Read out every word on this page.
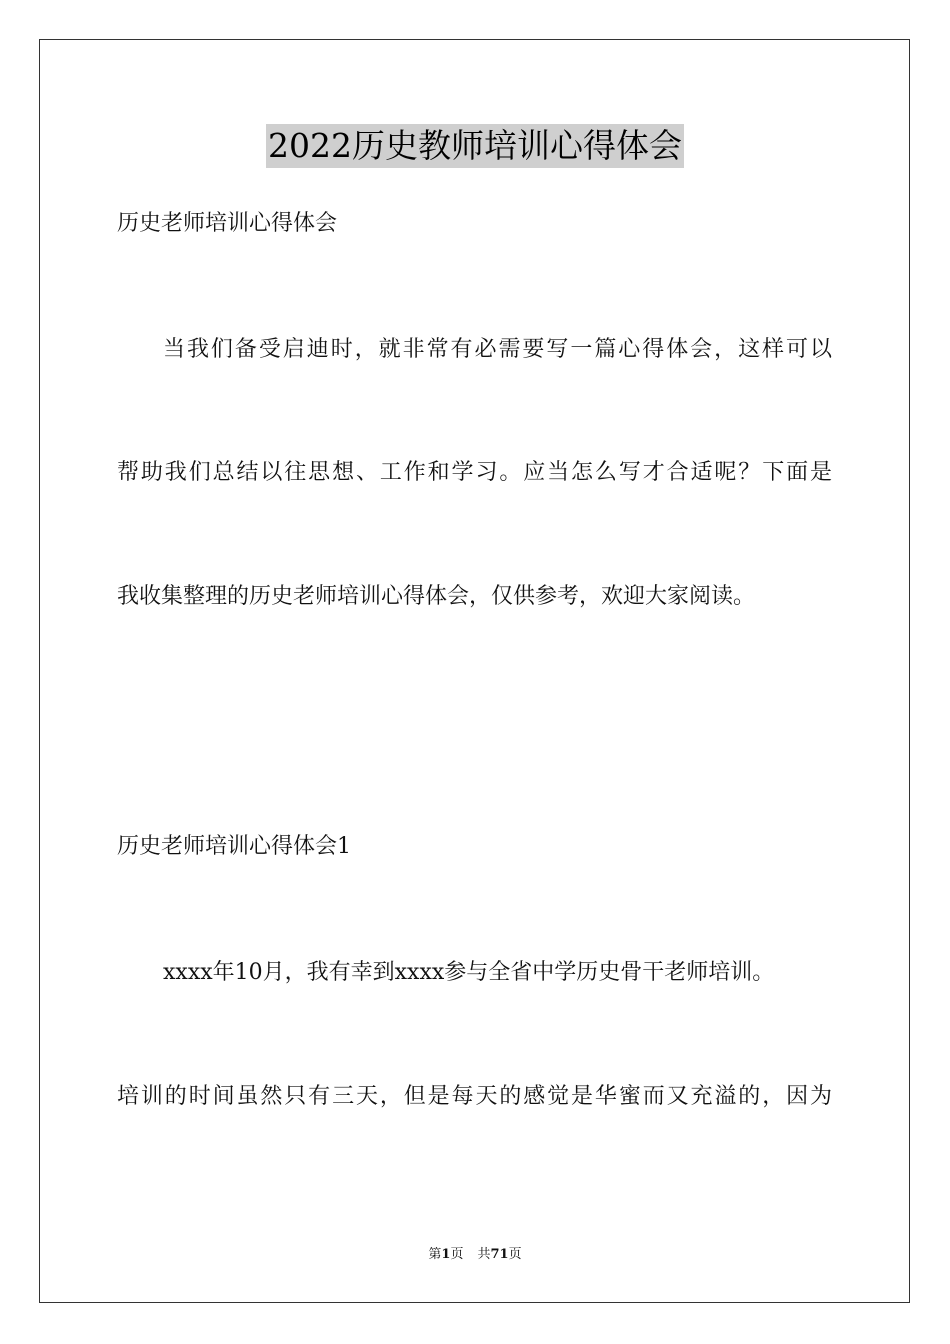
2022历史教师培训心得体会
历史老师培训心得体会
当我们备受启迪时，就非常有必需要写一篇心得体会，这样可以
帮助我们总结以往思想、工作和学习。应当怎么写才合适呢？下面是
我收集整理的历史老师培训心得体会，仅供参考，欢迎大家阅读。
历史老师培训心得体会1
xxxx年10月，我有幸到xxxx参与全省中学历史骨干老师培训。
培训的时间虽然只有三天，但是每天的感觉是华蜜而又充溢的，因为
第1页 共71页
